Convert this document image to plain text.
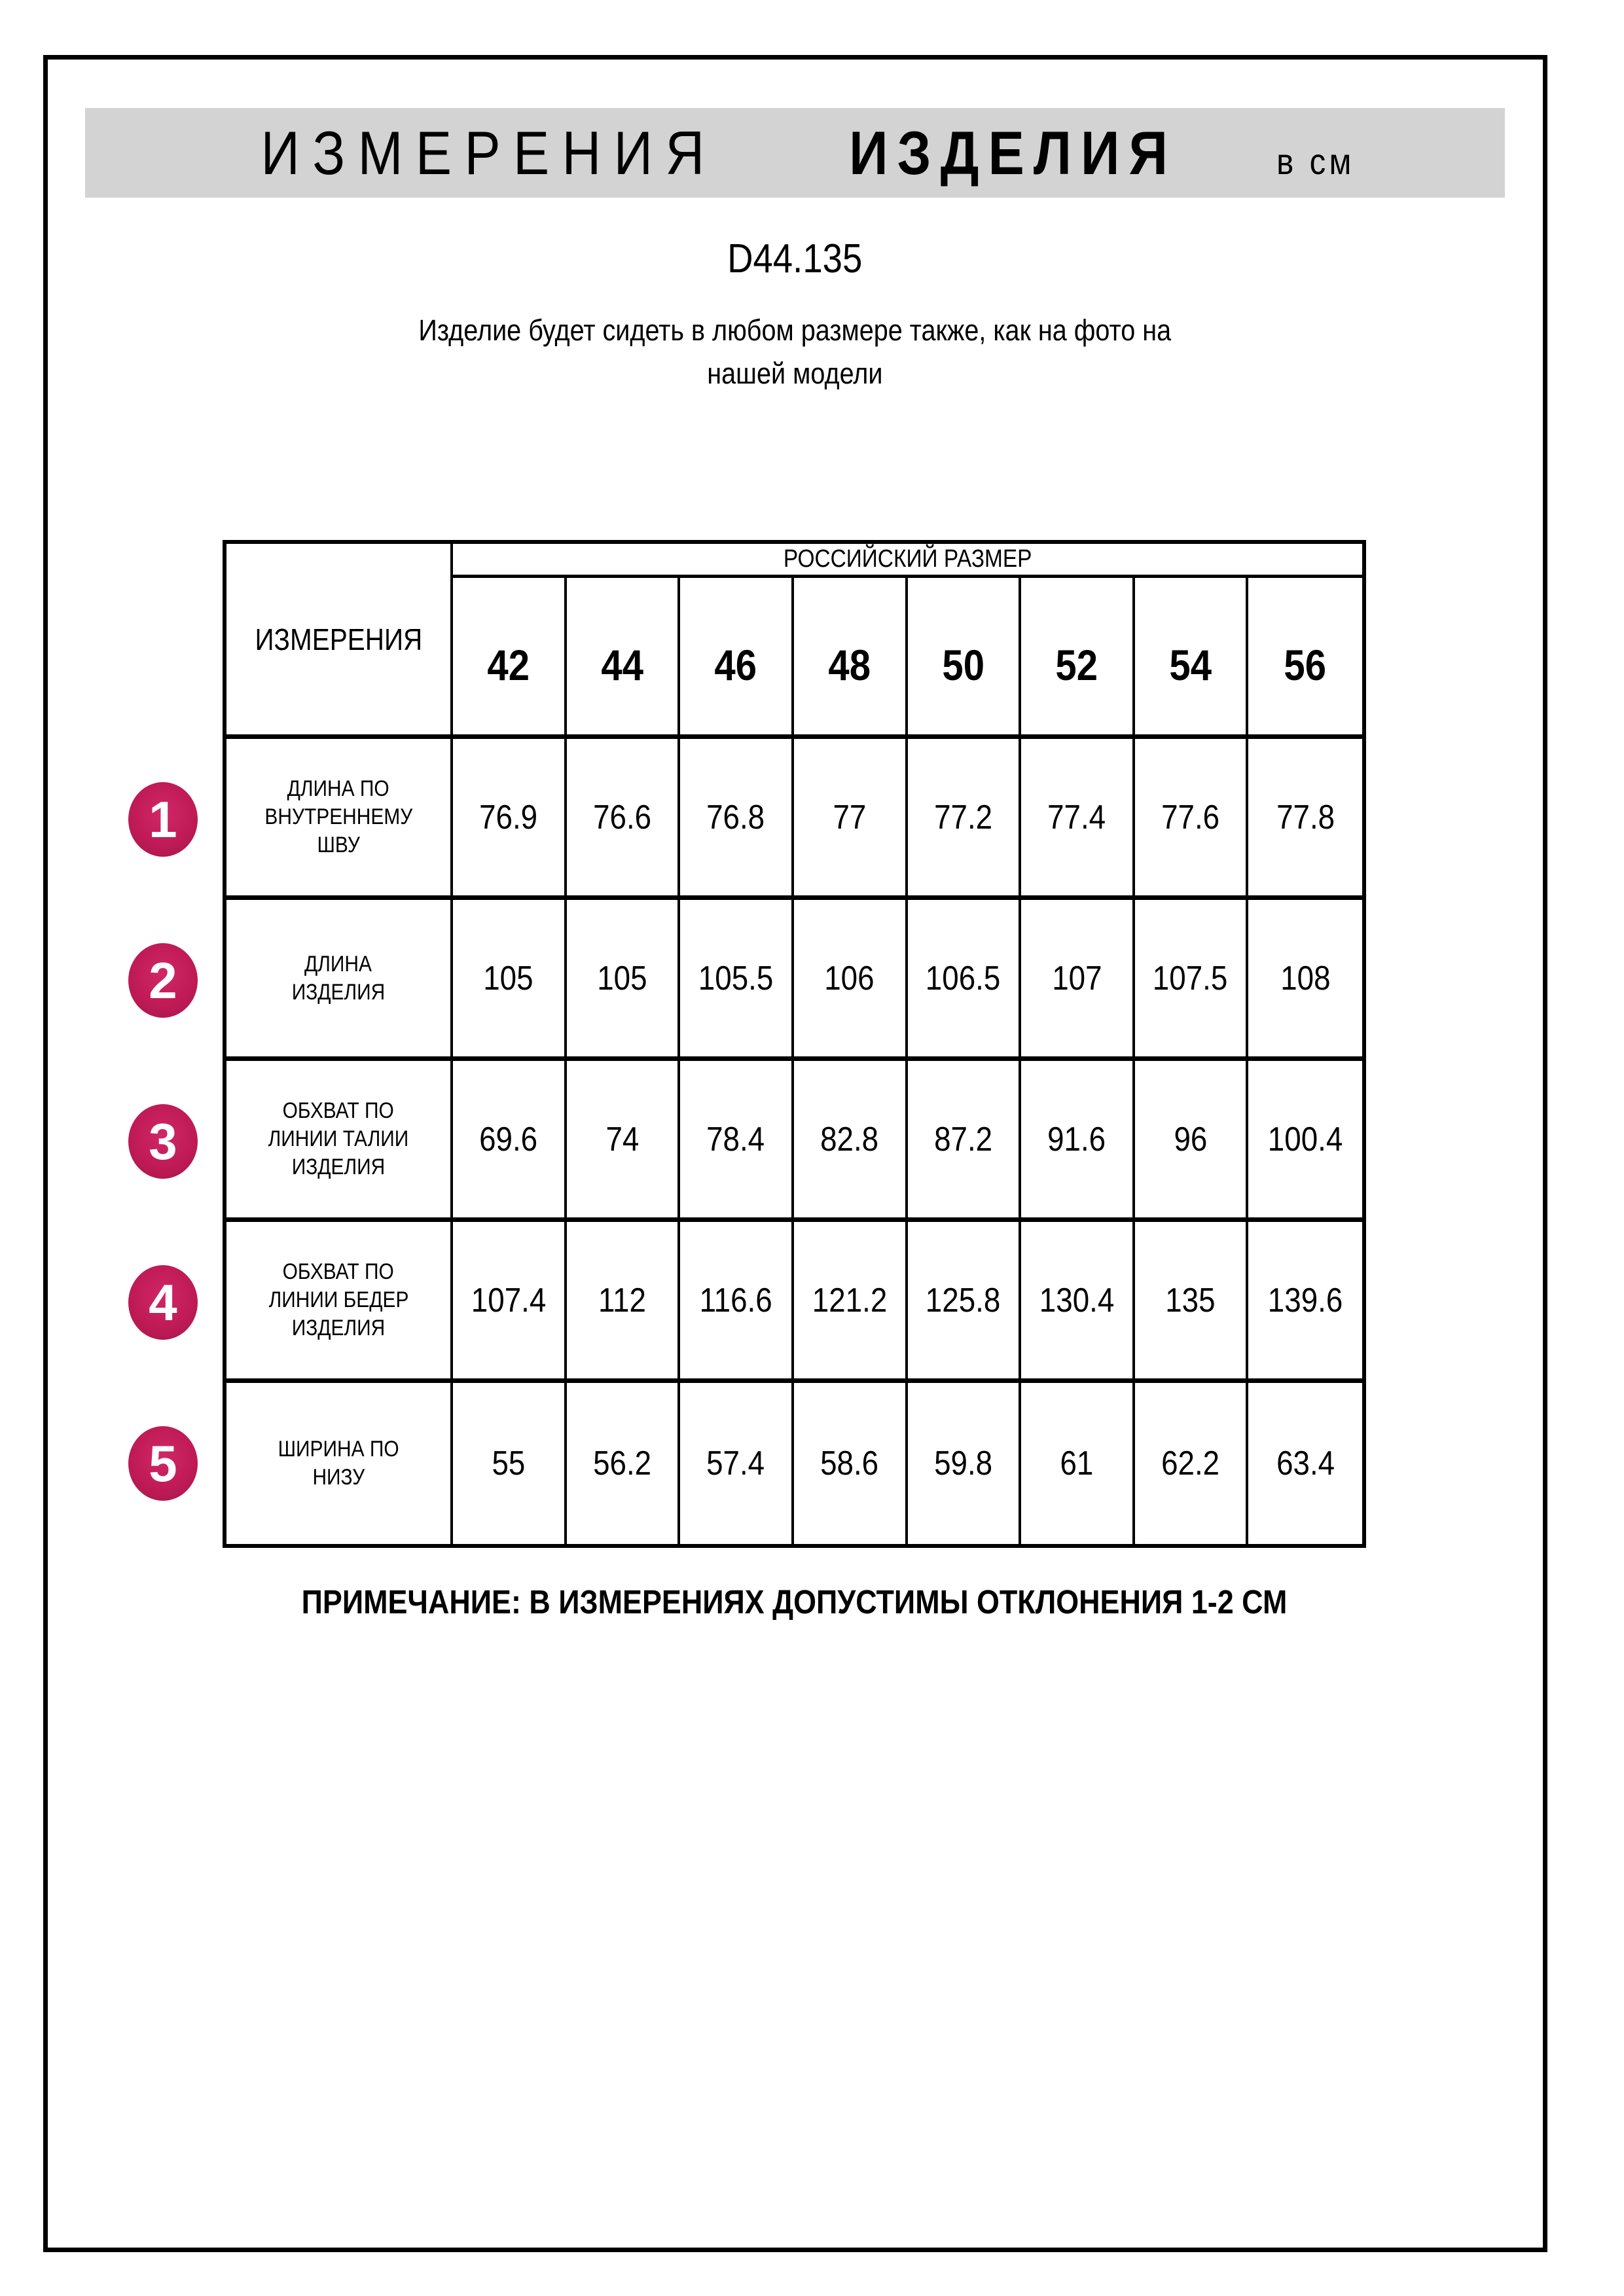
ИЗМЕРЕНИЯ ИЗДЕЛИЯ	в см
D44.135
Изделие будет сидеть в любом размере также, как на фото на
нашей модели
ИЗМЕРЕНИЯ
РОССИЙСКИЙ РАЗМЕР
42 44 46 48 50 52 54 56
ДЛИНА ПО
ВНУТРЕННЕМУ
ШВУ
76.9 76.6 76.8 77 77.2 77.4 77.6 77.8
ДЛИНА
ИЗДЕЛИЯ	105 105 105.5 106 106.5 107 107.5 108
ОБХВАТ ПО
ЛИНИИ ТАЛИИ
ИЗДЕЛИЯ
69.6 74 78.4 82.8 87.2 91.6 96 100.4
ОБХВАТ ПО
ЛИНИИ БЕДЕР
ИЗДЕЛИЯ
107.4 112 116.6 121.2 125.8 130.4 135 139.6
ШИРИНА ПО
НИЗУ	55 56.2 57.4 58.6 59.8 61 62.2 63.4
1
2
3
4
5
ПРИМЕЧАНИЕ: В ИЗМЕРЕНИЯХ ДОПУСТИМЫ ОТКЛОНЕНИЯ 1-2 СМ
